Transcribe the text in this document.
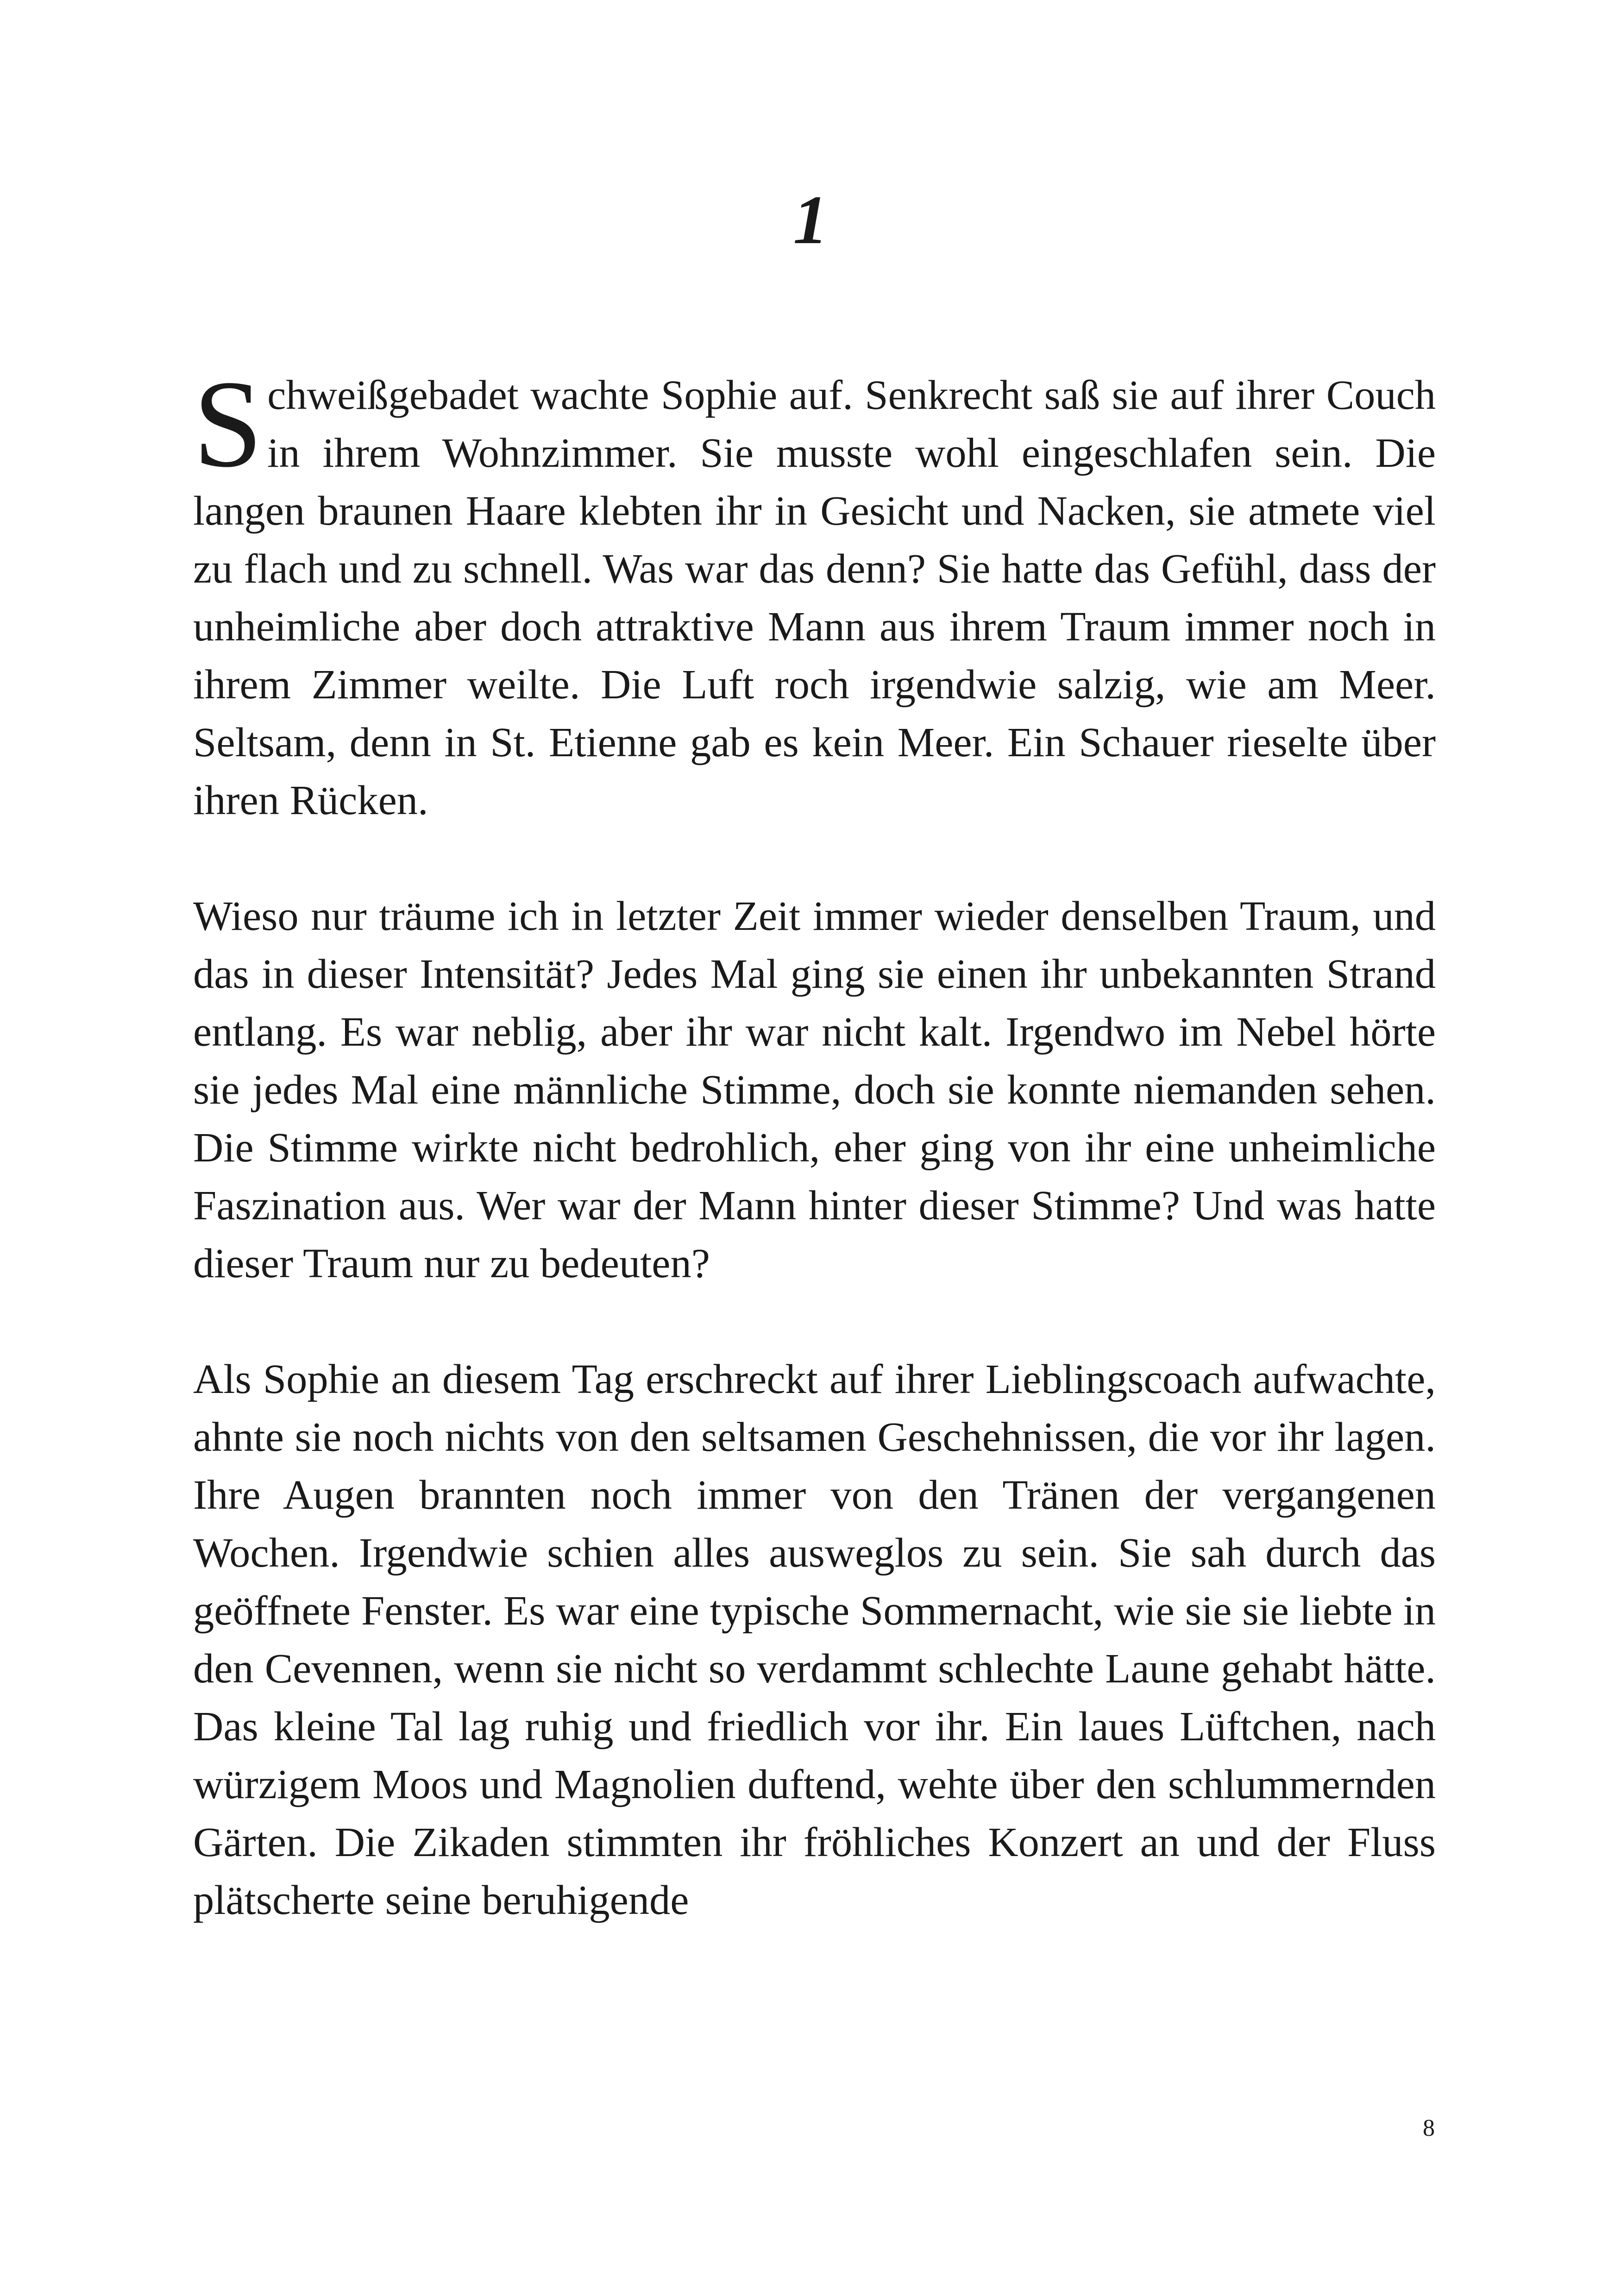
1

Schweißgebadet wachte Sophie auf. Senkrecht saß sie auf ihrer Couch in ihrem Wohnzimmer. Sie musste wohl eingeschlafen sein. Die langen braunen Haare klebten ihr in Gesicht und Nacken, sie atmete viel zu flach und zu schnell. Was war das denn? Sie hatte das Gefühl, dass der unheimliche aber doch attraktive Mann aus ihrem Traum immer noch in ihrem Zimmer weilte. Die Luft roch irgendwie salzig, wie am Meer. Seltsam, denn in St. Etienne gab es kein Meer. Ein Schauer rieselte über ihren Rücken.

Wieso nur träume ich in letzter Zeit immer wieder denselben Traum, und das in dieser Intensität? Jedes Mal ging sie einen ihr unbekannten Strand entlang. Es war neblig, aber ihr war nicht kalt. Irgendwo im Nebel hörte sie jedes Mal eine männliche Stimme, doch sie konnte niemanden sehen. Die Stimme wirkte nicht bedrohlich, eher ging von ihr eine unheimliche Faszination aus. Wer war der Mann hinter dieser Stimme? Und was hatte dieser Traum nur zu bedeuten?

Als Sophie an diesem Tag erschreckt auf ihrer Lieblingscoach aufwachte, ahnte sie noch nichts von den seltsamen Geschehnissen, die vor ihr lagen. Ihre Augen brannten noch immer von den Tränen der vergangenen Wochen. Irgendwie schien alles ausweglos zu sein. Sie sah durch das geöffnete Fenster. Es war eine typische Sommernacht, wie sie sie liebte in den Cevennen, wenn sie nicht so verdammt schlechte Laune gehabt hätte. Das kleine Tal lag ruhig und friedlich vor ihr. Ein laues Lüftchen, nach würzigem Moos und Magnolien duftend, wehte über den schlummernden Gärten. Die Zikaden stimmten ihr fröhliches Konzert an und der Fluss plätscherte seine beruhigende

8
